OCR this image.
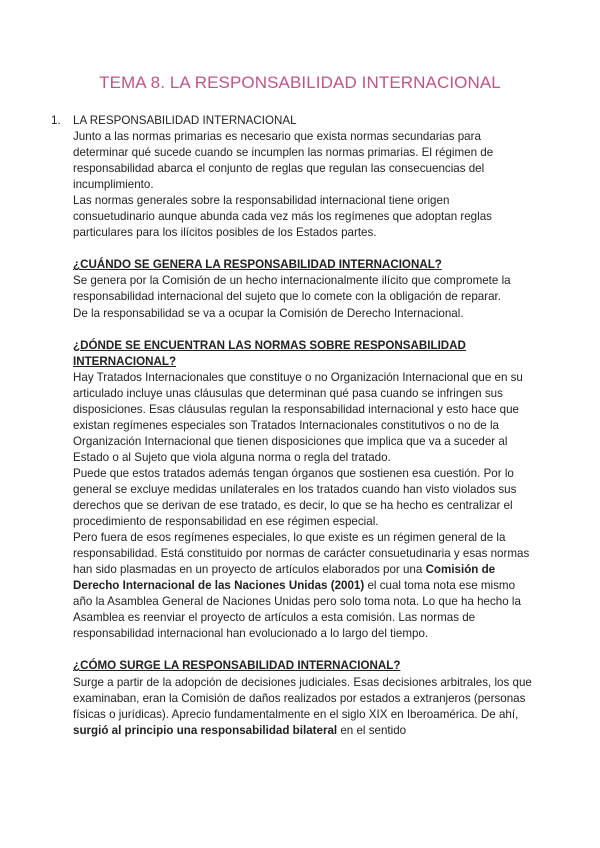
TEMA 8. LA RESPONSABILIDAD INTERNACIONAL
1. LA RESPONSABILIDAD INTERNACIONAL

Junto a las normas primarias es necesario que exista normas secundarias para determinar qué sucede cuando se incumplen las normas primarias. El régimen de responsabilidad abarca el conjunto de reglas que regulan las consecuencias del incumplimiento.

Las normas generales sobre la responsabilidad internacional tiene origen consuetudinario aunque abunda cada vez más los regímenes que adoptan reglas particulares para los ilícitos posibles de los Estados partes.

¿CUÁNDO SE GENERA LA RESPONSABILIDAD INTERNACIONAL?

Se genera por la Comisión de un hecho internacionalmente ilícito que compromete la responsabilidad internacional del sujeto que lo comete con la obligación de reparar.

De la responsabilidad se va a ocupar la Comisión de Derecho Internacional.

¿DÓNDE SE ENCUENTRAN LAS NORMAS SOBRE RESPONSABILIDAD INTERNACIONAL?

Hay Tratados Internacionales que constituye o no Organización Internacional que en su articulado incluye unas cláusulas que determinan qué pasa cuando se infringen sus disposiciones. Esas cláusulas regulan la responsabilidad internacional y esto hace que existan regímenes especiales son Tratados Internacionales constitutivos o no de la Organización Internacional que tienen disposiciones que implica que va a suceder al Estado o al Sujeto que viola alguna norma o regla del tratado.

Puede que estos tratados además tengan órganos que sostienen esa cuestión. Por lo general se excluye medidas unilaterales en los tratados cuando han visto violados sus derechos que se derivan de ese tratado, es decir, lo que se ha hecho es centralizar el procedimiento de responsabilidad en ese régimen especial.

Pero fuera de esos regímenes especiales, lo que existe es un régimen general de la responsabilidad. Está constituido por normas de carácter consuetudinaria y esas normas han sido plasmadas en un proyecto de artículos elaborados por una Comisión de Derecho Internacional de las Naciones Unidas (2001) el cual toma nota ese mismo año la Asamblea General de Naciones Unidas pero solo toma nota. Lo que ha hecho la Asamblea es reenviar el proyecto de artículos a esta comisión. Las normas de responsabilidad internacional han evolucionado a lo largo del tiempo.

¿CÓMO SURGE LA RESPONSABILIDAD INTERNACIONAL?

Surge a partir de la adopción de decisiones judiciales. Esas decisiones arbitrales, los que examinaban, eran la Comisión de daños realizados por estados a extranjeros (personas físicas o jurídicas). Aprecio fundamentalmente en el siglo XIX en Iberoamérica. De ahí, surgió al principio una responsabilidad bilateral en el sentido
